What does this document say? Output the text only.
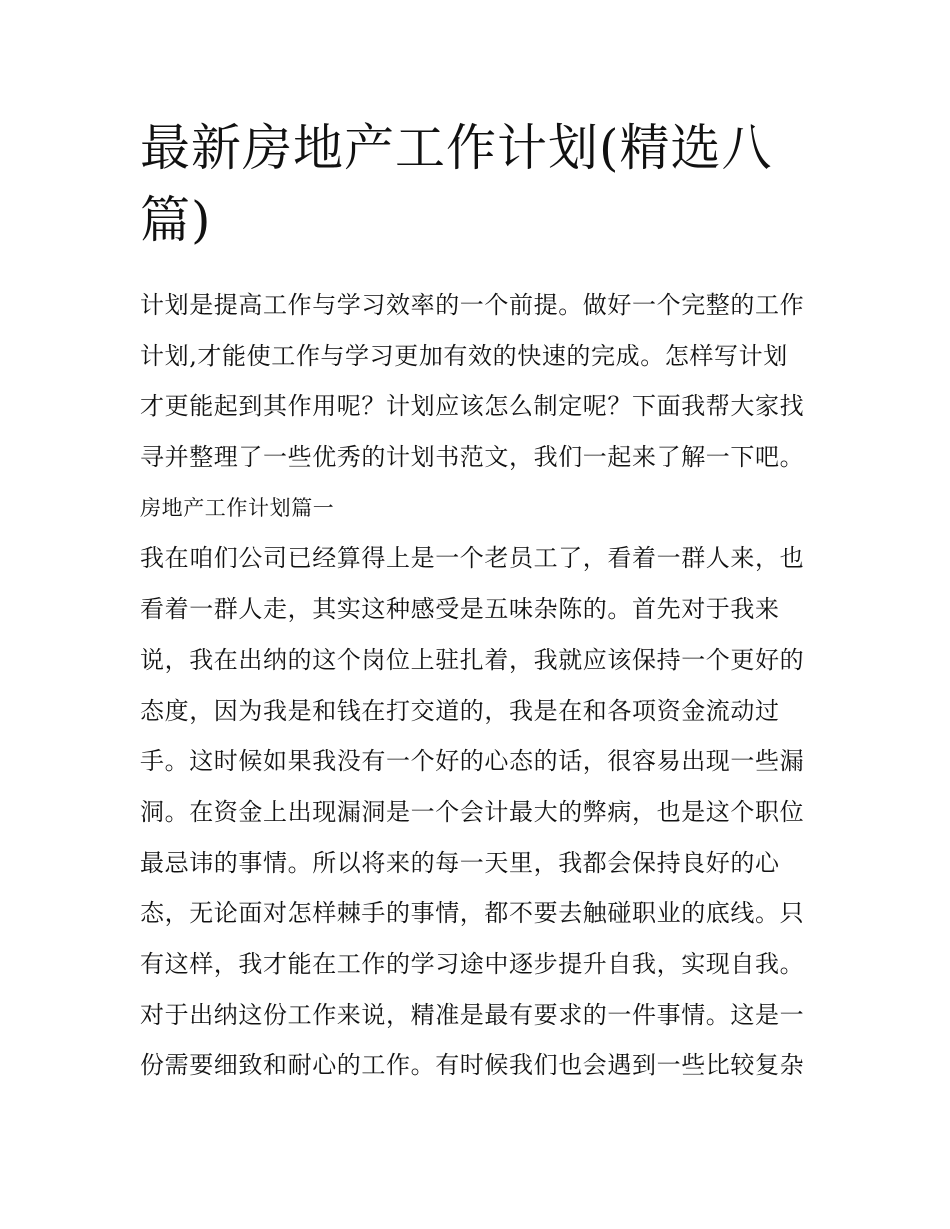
最新房地产工作计划(精选八
篇)
计划是提高工作与学习效率的一个前提。做好一个完整的工作
计划,才能使工作与学习更加有效的快速的完成。怎样写计划
才更能起到其作用呢？计划应该怎么制定呢？下面我帮大家找
寻并整理了一些优秀的计划书范文，我们一起来了解一下吧。
房地产工作计划篇一
我在咱们公司已经算得上是一个老员工了，看着一群人来，也
看着一群人走，其实这种感受是五味杂陈的。首先对于我来
说，我在出纳的这个岗位上驻扎着，我就应该保持一个更好的
态度，因为我是和钱在打交道的，我是在和各项资金流动过
手。这时候如果我没有一个好的心态的话，很容易出现一些漏
洞。在资金上出现漏洞是一个会计最大的弊病，也是这个职位
最忌讳的事情。所以将来的每一天里，我都会保持良好的心
态，无论面对怎样棘手的事情，都不要去触碰职业的底线。只
有这样，我才能在工作的学习途中逐步提升自我，实现自我。
对于出纳这份工作来说，精准是最有要求的一件事情。这是一
份需要细致和耐心的工作。有时候我们也会遇到一些比较复杂
